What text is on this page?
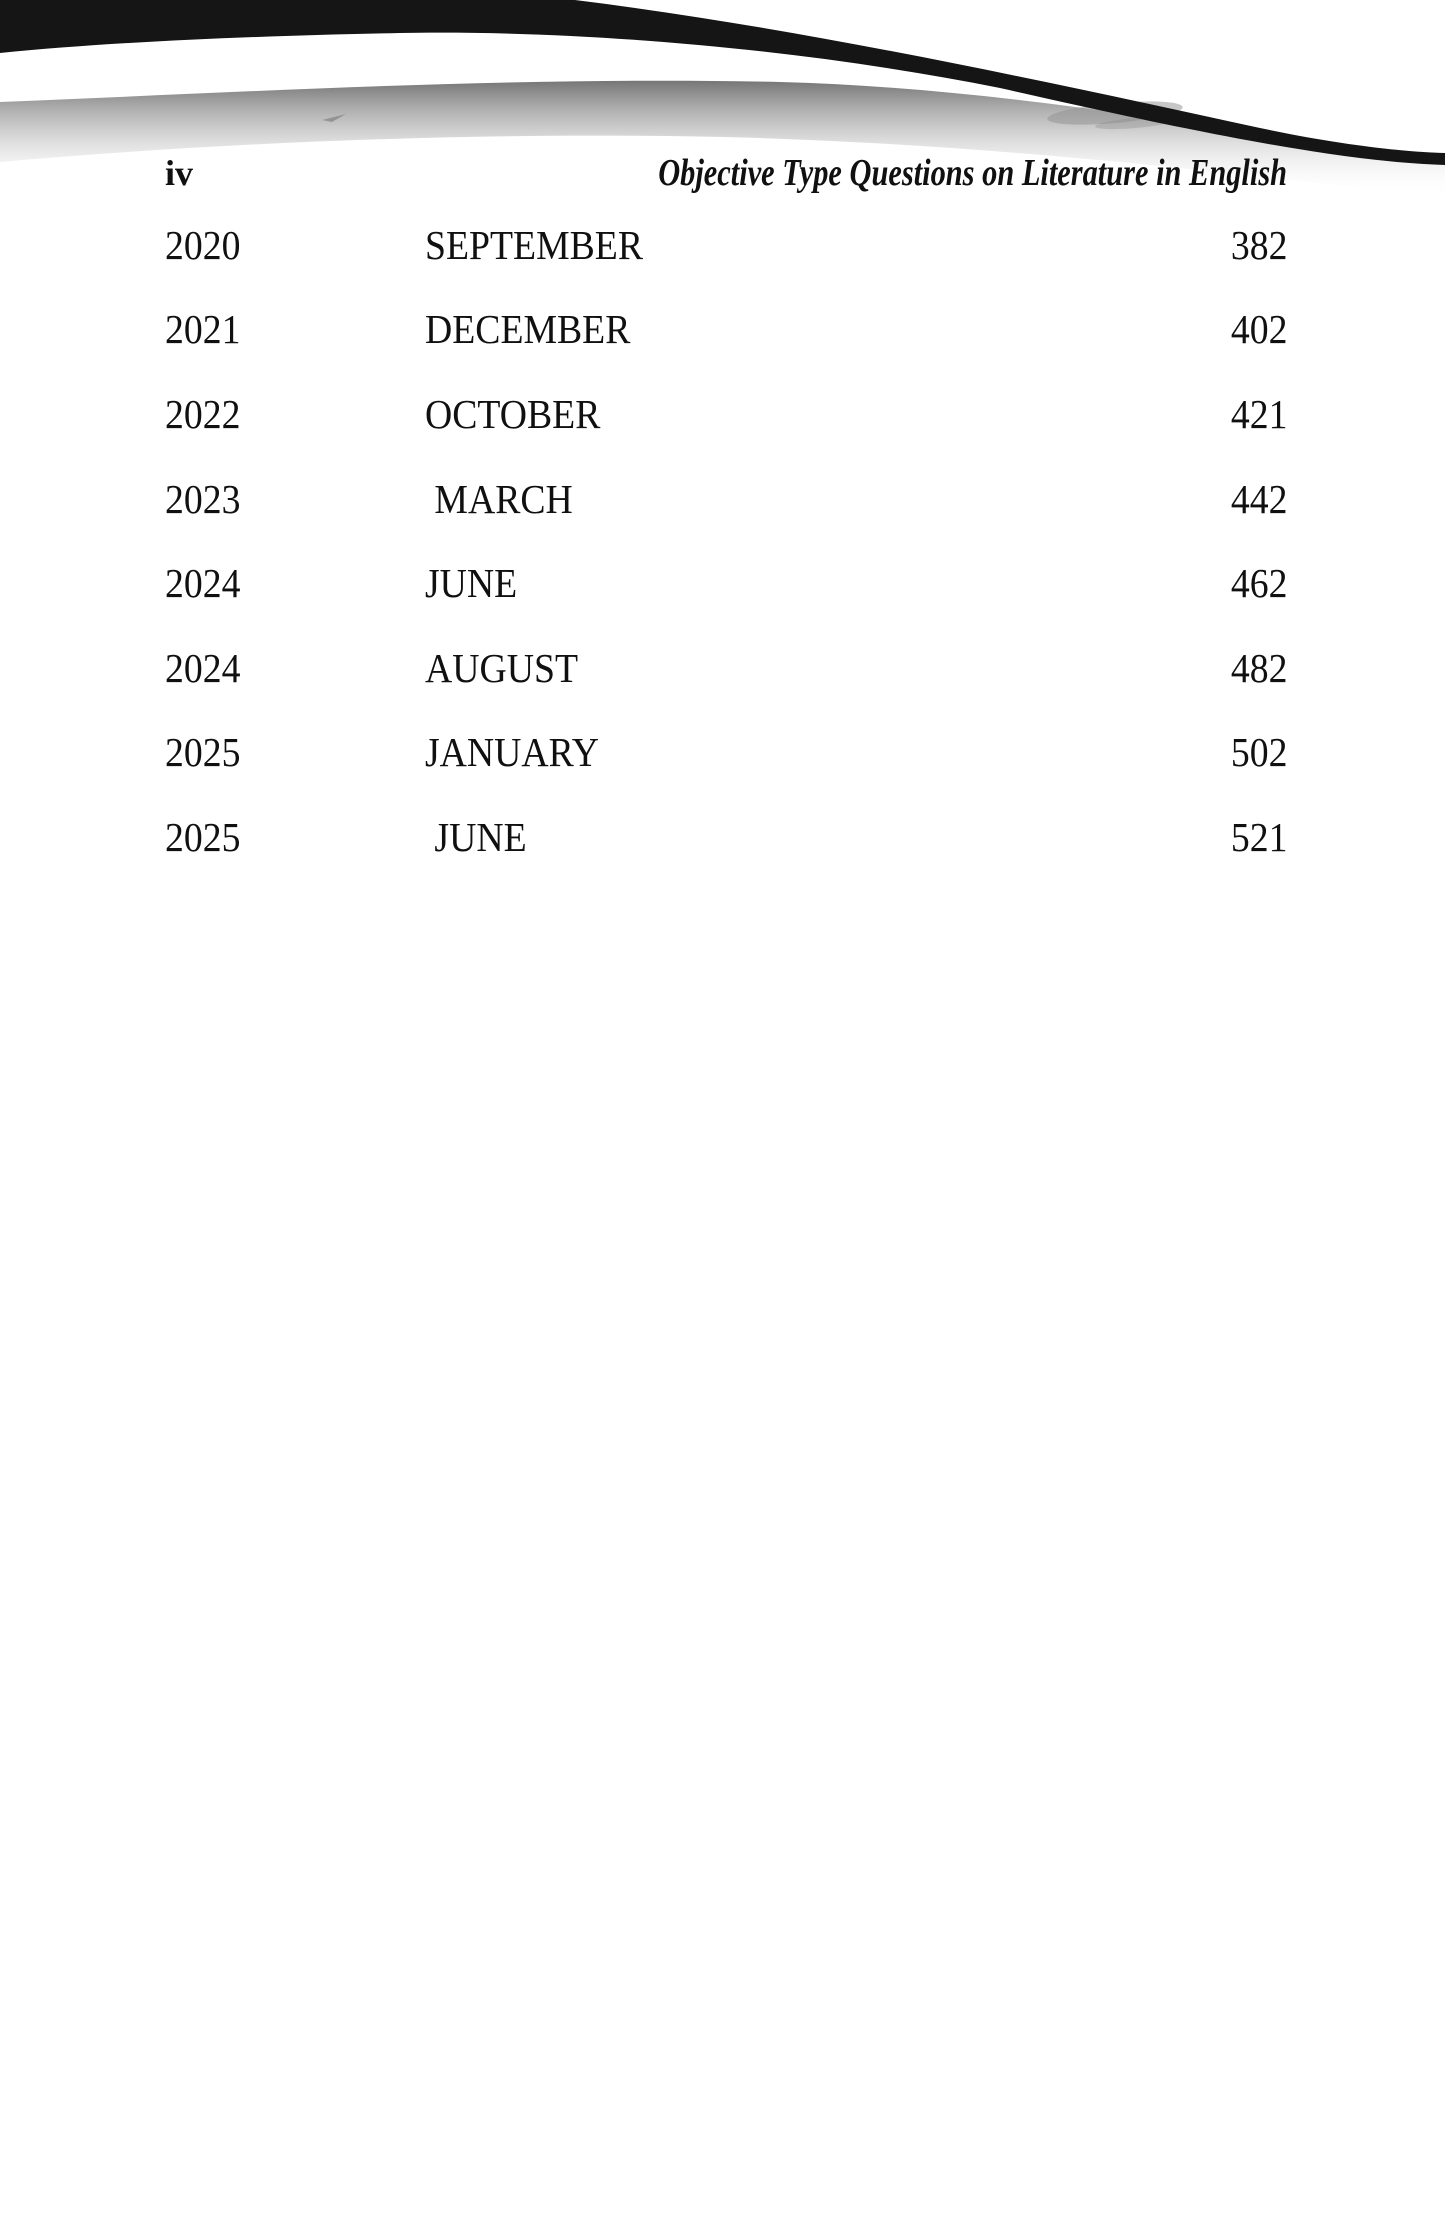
iv	Objective Type Questions on Literature in English
2020	SEPTEMBER	382
2021	DECEMBER	402
2022	OCTOBER	421
2023	MARCH	442
2024	JUNE	462
2024	AUGUST	482
2025	JANUARY	502
2025	JUNE	521
